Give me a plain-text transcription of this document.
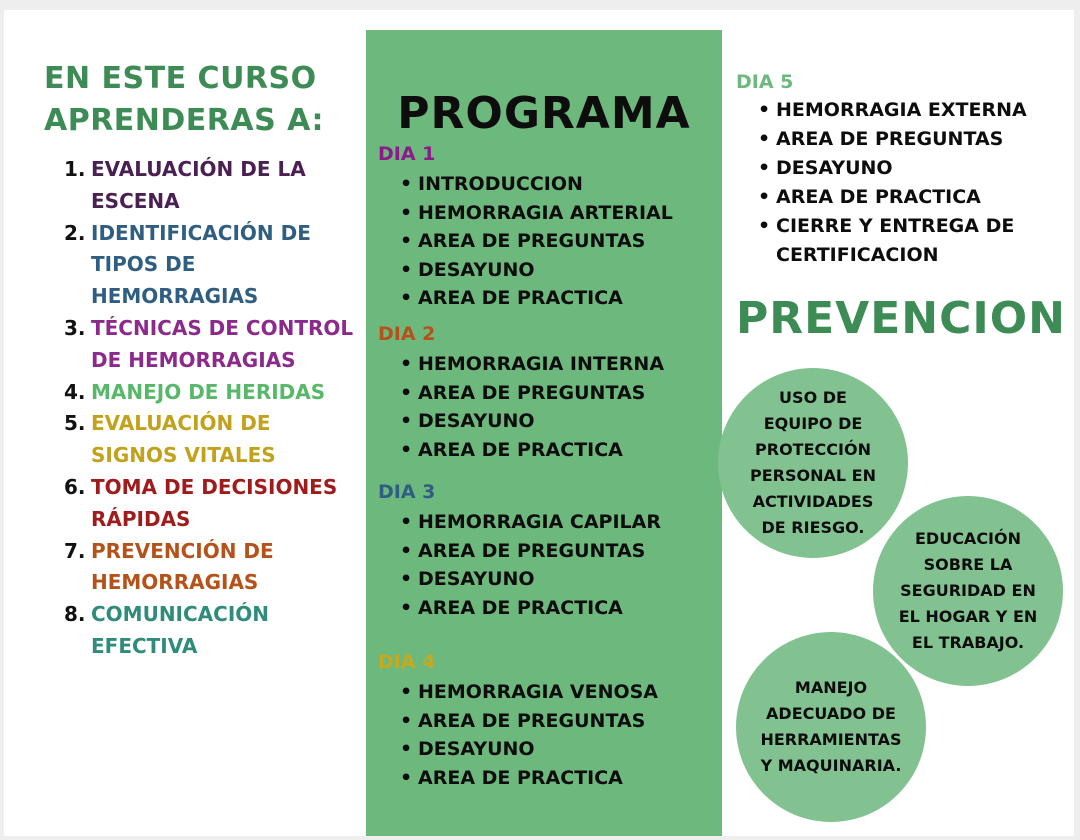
EN ESTE CURSO
APRENDERAS A:
1. EVALUACIÓN DE LA ESCENA
2. IDENTIFICACIÓN DE TIPOS DE HEMORRAGIAS
3. TÉCNICAS DE CONTROL DE HEMORRAGIAS
4. MANEJO DE HERIDAS
5. EVALUACIÓN DE SIGNOS VITALES
6. TOMA DE DECISIONES RÁPIDAS
7. PREVENCIÓN DE HEMORRAGIAS
8. COMUNICACIÓN EFECTIVA
PROGRAMA
DIA 1
• INTRODUCCION
• HEMORRAGIA ARTERIAL
• AREA DE PREGUNTAS
• DESAYUNO
• AREA DE PRACTICA
DIA 2
• HEMORRAGIA INTERNA
• AREA DE PREGUNTAS
• DESAYUNO
• AREA DE PRACTICA
DIA 3
• HEMORRAGIA CAPILAR
• AREA DE PREGUNTAS
• DESAYUNO
• AREA DE PRACTICA
DIA 4
• HEMORRAGIA VENOSA
• AREA DE PREGUNTAS
• DESAYUNO
• AREA DE PRACTICA
DIA 5
• HEMORRAGIA EXTERNA
• AREA DE PREGUNTAS
• DESAYUNO
• AREA DE PRACTICA
• CIERRE Y ENTREGA DE CERTIFICACION
PREVENCION
USO DE
EQUIPO DE
PROTECCIÓN
PERSONAL EN
ACTIVIDADES
DE RIESGO.
EDUCACIÓN
SOBRE LA
SEGURIDAD EN
EL HOGAR Y EN
EL TRABAJO.
MANEJO
ADECUADO DE
HERRAMIENTAS
Y MAQUINARIA.
